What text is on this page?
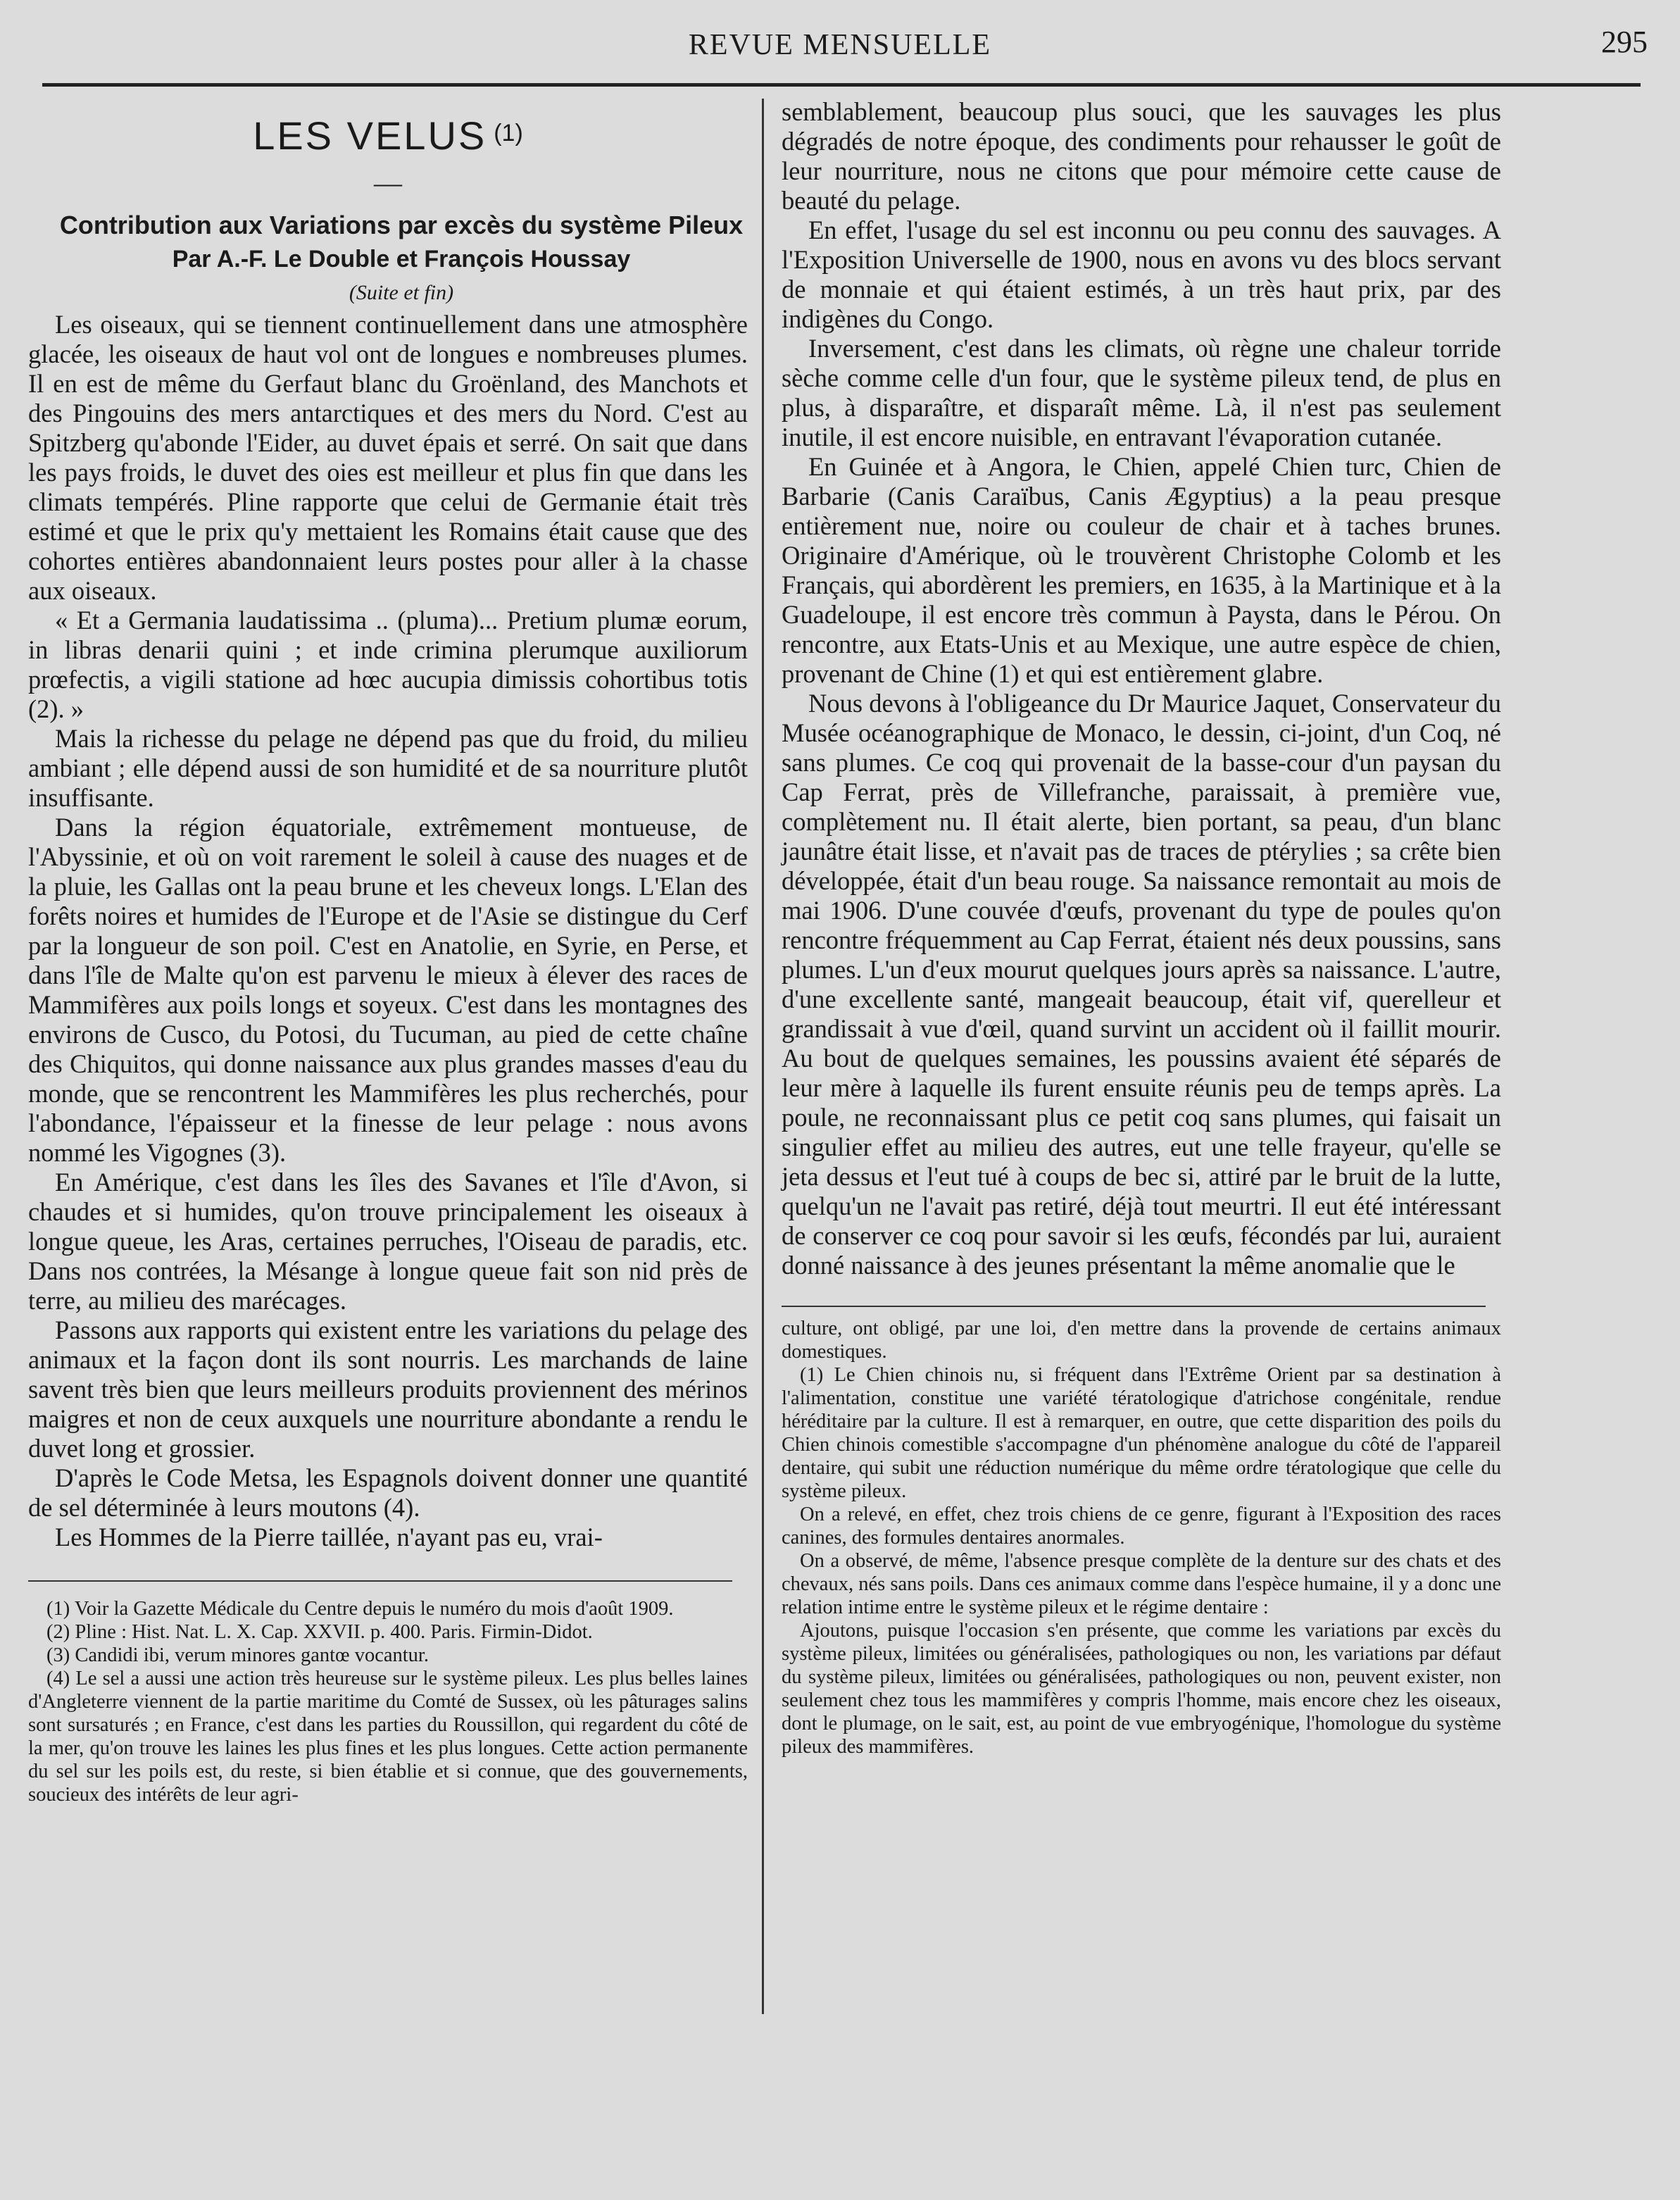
REVUE MENSUELLE	295
LES VELUS $^{(1)}$
—

Contribution aux Variations par excès du système Pileux

Par A.-F. Le Double et François Houssay

(Suite et fin)

Les oiseaux, qui se tiennent continuellement dans une atmosphère glacée, les oiseaux de haut vol ont de longues e nombreuses plumes. Il en est de même du Gerfaut blanc du Groënland, des Manchots et des Pingouins des mers antarctiques et des mers du Nord. C'est au Spitzberg qu'abonde l'Eider, au duvet épais et serré. On sait que dans les pays froids, le duvet des oies est meilleur et plus fin que dans les climats tempérés. Pline rapporte que celui de Germanie était très estimé et que le prix qu'y mettaient les Romains était cause que des cohortes entières abandonnaient leurs postes pour aller à la chasse aux oiseaux.

« Et a Germania laudatissima .. (pluma)... Pretium plumæ eorum, in libras denarii quini ; et inde crimina plerumque auxiliorum prœfectis, a vigili statione ad hœc aucupia dimissis cohortibus totis (2). »

Mais la richesse du pelage ne dépend pas que du froid, du milieu ambiant ; elle dépend aussi de son humidité et de sa nourriture plutôt insuffisante.

Dans la région équatoriale, extrêmement montueuse, de l'Abyssinie, et où on voit rarement le soleil à cause des nuages et de la pluie, les Gallas ont la peau brune et les cheveux longs. L'Elan des forêts noires et humides de l'Europe et de l'Asie se distingue du Cerf par la longueur de son poil. C'est en Anatolie, en Syrie, en Perse, et dans l'île de Malte qu'on est parvenu le mieux à élever des races de Mammifères aux poils longs et soyeux. C'est dans les montagnes des environs de Cusco, du Potosi, du Tucuman, au pied de cette chaîne des Chiquitos, qui donne naissance aux plus grandes masses d'eau du monde, que se rencontrent les Mammifères les plus recherchés, pour l'abondance, l'épaisseur et la finesse de leur pelage : nous avons nommé les Vigognes (3).

En Amérique, c'est dans les îles des Savanes et l'île d'Avon, si chaudes et si humides, qu'on trouve principalement les oiseaux à longue queue, les Aras, certaines perruches, l'Oiseau de paradis, etc. Dans nos contrées, la Mésange à longue queue fait son nid près de terre, au milieu des marécages.

Passons aux rapports qui existent entre les variations du pelage des animaux et la façon dont ils sont nourris. Les marchands de laine savent très bien que leurs meilleurs produits proviennent des mérinos maigres et non de ceux auxquels une nourriture abondante a rendu le duvet long et grossier.

D'après le Code Metsa, les Espagnols doivent donner une quantité de sel déterminée à leurs moutons (4).

Les Hommes de la Pierre taillée, n'ayant pas eu, vrai-

(1) Voir la Gazette Médicale du Centre depuis le numéro du mois d'août 1909.

(2) Pline : Hist. Nat. L. X. Cap. XXVII. p. 400. Paris. Firmin-Didot.

(3) Candidi ibi, verum minores gantœ vocantur.

(4) Le sel a aussi une action très heureuse sur le système pileux. Les plus belles laines d'Angleterre viennent de la partie maritime du Comté de Sussex, où les pâturages salins sont sursaturés ; en France, c'est dans les parties du Roussillon, qui regardent du côté de la mer, qu'on trouve les laines les plus fines et les plus longues. Cette action permanente du sel sur les poils est, du reste, si bien établie et si connue, que des gouvernements, soucieux des intérêts de leur agri-

semblablement, beaucoup plus souci, que les sauvages les plus dégradés de notre époque, des condiments pour rehausser le goût de leur nourriture, nous ne citons que pour mémoire cette cause de beauté du pelage.

En effet, l'usage du sel est inconnu ou peu connu des sauvages. A l'Exposition Universelle de 1900, nous en avons vu des blocs servant de monnaie et qui étaient estimés, à un très haut prix, par des indigènes du Congo.

Inversement, c'est dans les climats, où règne une chaleur torride sèche comme celle d'un four, que le système pileux tend, de plus en plus, à disparaître, et disparaît même. Là, il n'est pas seulement inutile, il est encore nuisible, en entravant l'évaporation cutanée.

En Guinée et à Angora, le Chien, appelé Chien turc, Chien de Barbarie (Canis Caraïbus, Canis Ægyptius) a la peau presque entièrement nue, noire ou couleur de chair et à taches brunes. Originaire d'Amérique, où le trouvèrent Christophe Colomb et les Français, qui abordèrent les premiers, en 1635, à la Martinique et à la Guadeloupe, il est encore très commun à Paysta, dans le Pérou. On rencontre, aux Etats-Unis et au Mexique, une autre espèce de chien, provenant de Chine (1) et qui est entièrement glabre.

Nous devons à l'obligeance du Dr Maurice Jaquet, Conservateur du Musée océanographique de Monaco, le dessin, ci-joint, d'un Coq, né sans plumes. Ce coq qui provenait de la basse-cour d'un paysan du Cap Ferrat, près de Villefranche, paraissait, à première vue, complètement nu. Il était alerte, bien portant, sa peau, d'un blanc jaunâtre était lisse, et n'avait pas de traces de ptérylies ; sa crête bien développée, était d'un beau rouge. Sa naissance remontait au mois de mai 1906. D'une couvée d'œufs, provenant du type de poules qu'on rencontre fréquemment au Cap Ferrat, étaient nés deux poussins, sans plumes. L'un d'eux mourut quelques jours après sa naissance. L'autre, d'une excellente santé, mangeait beaucoup, était vif, querelleur et grandissait à vue d'œil, quand survint un accident où il faillit mourir. Au bout de quelques semaines, les poussins avaient été séparés de leur mère à laquelle ils furent ensuite réunis peu de temps après. La poule, ne reconnaissant plus ce petit coq sans plumes, qui faisait un singulier effet au milieu des autres, eut une telle frayeur, qu'elle se jeta dessus et l'eut tué à coups de bec si, attiré par le bruit de la lutte, quelqu'un ne l'avait pas retiré, déjà tout meurtri. Il eut été intéressant de conserver ce coq pour savoir si les œufs, fécondés par lui, auraient donné naissance à des jeunes présentant la même anomalie que le

culture, ont obligé, par une loi, d'en mettre dans la provende de certains animaux domestiques.

(1) Le Chien chinois nu, si fréquent dans l'Extrême Orient par sa destination à l'alimentation, constitue une variété tératologique d'atrichose congénitale, rendue héréditaire par la culture. Il est à remarquer, en outre, que cette disparition des poils du Chien chinois comestible s'accompagne d'un phénomène analogue du côté de l'appareil dentaire, qui subit une réduction numérique du même ordre tératologique que celle du système pileux.

On a relevé, en effet, chez trois chiens de ce genre, figurant à l'Exposition des races canines, des formules dentaires anormales.

On a observé, de même, l'absence presque complète de la denture sur des chats et des chevaux, nés sans poils. Dans ces animaux comme dans l'espèce humaine, il y a donc une relation intime entre le système pileux et le régime dentaire :

Ajoutons, puisque l'occasion s'en présente, que comme les variations par excès du système pileux, limitées ou généralisées, pathologiques ou non, les variations par défaut du système pileux, limitées ou généralisées, pathologiques ou non, peuvent exister, non seulement chez tous les mammifères y compris l'homme, mais encore chez les oiseaux, dont le plumage, on le sait, est, au point de vue embryogénique, l'homologue du système pileux des mammifères.
